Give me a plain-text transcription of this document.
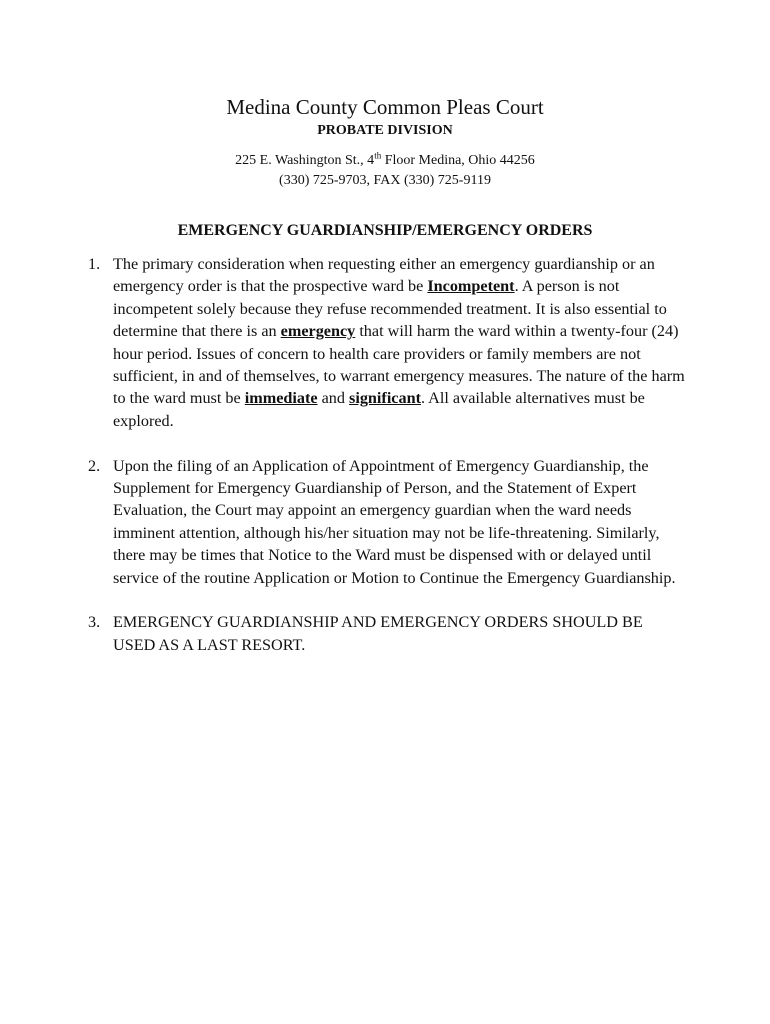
Medina County Common Pleas Court
PROBATE DIVISION
225 E. Washington St., 4th Floor Medina, Ohio 44256
(330) 725-9703, FAX (330) 725-9119
EMERGENCY GUARDIANSHIP/EMERGENCY ORDERS
1. The primary consideration when requesting either an emergency guardianship or an emergency order is that the prospective ward be Incompetent. A person is not incompetent solely because they refuse recommended treatment. It is also essential to determine that there is an emergency that will harm the ward within a twenty-four (24) hour period. Issues of concern to health care providers or family members are not sufficient, in and of themselves, to warrant emergency measures. The nature of the harm to the ward must be immediate and significant. All available alternatives must be explored.
2. Upon the filing of an Application of Appointment of Emergency Guardianship, the Supplement for Emergency Guardianship of Person, and the Statement of Expert Evaluation, the Court may appoint an emergency guardian when the ward needs imminent attention, although his/her situation may not be life-threatening. Similarly, there may be times that Notice to the Ward must be dispensed with or delayed until service of the routine Application or Motion to Continue the Emergency Guardianship.
3. EMERGENCY GUARDIANSHIP AND EMERGENCY ORDERS SHOULD BE USED AS A LAST RESORT.
